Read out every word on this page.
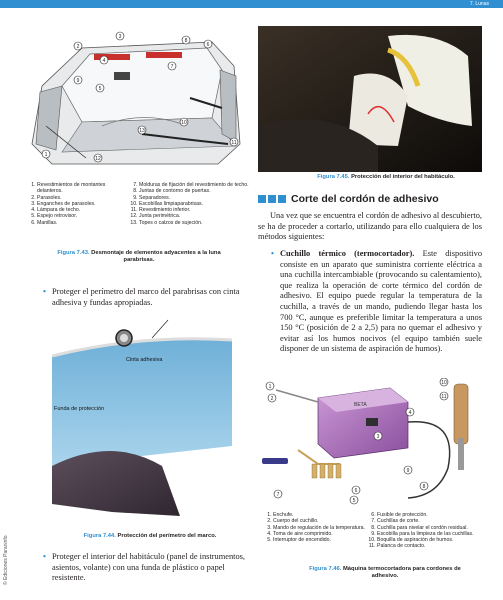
7. Lunas
© Ediciones Paraninfo
1
2
3
4
5
6
7
8
9
10
11
12
13
1. Revestimientos de montantes delanteros.
2. Parasoles.
3. Enganches de parasoles.
4. Lámpara de techo.
5. Espejo retrovisor.
6. Manillas.
7. Molduras de fijación del revestimiento de techo.
8. Juntas de contorno de puertas.
9. Separadores.
10. Escobillas limpiaparabrisas.
11. Revestimiento inferior.
12. Junta perimétrica.
13. Topes o calzos de sujeción.
Figura 7.43. Desmontaje de elementos adyacentes a la luna parabrisas.
• Proteger el perímetro del marco del parabrisas con cinta adhesiva y fundas apropiadas.
Cinta adhesiva
Funda de protección
Figura 7.44. Protección del perímetro del marco.
• Proteger el interior del habitáculo (panel de instrumentos, asientos, volante) con una funda de plástico o papel resistente.
Figura 7.45. Protección del interior del habitáculo.
Corte del cordón de adhesivo
Una vez que se encuentra el cordón de adhesivo al descubierto, se ha de proceder a cortarlo, utilizando para ello cualquiera de los métodos siguientes:
• Cuchillo térmico (termocortador). Este dispositivo consiste en un aparato que suministra corriente eléctrica a una cuchilla intercambiable (provocando su calentamiento), que realiza la operación de corte térmico del cordón de adhesivo. El equipo puede regular la temperatura de la cuchilla, a través de un mando, pudiendo llegar hasta los 700 °C, aunque es preferible limitar la temperatura a unos 150 °C (posición de 2 a 2,5) para no quemar el adhesivo y evitar así los humos nocivos (el equipo también suele disponer de un sistema de aspiración de humos).
BETA
1
2
3
4
5
6
7
8
9
10
11
1. Enchufe.
2. Cuerpo del cuchillo.
3. Mando de regulación de la temperatura.
4. Toma de aire comprimido.
5. Interruptor de encendido.
6. Fusible de protección.
7. Cuchillas de corte.
8. Cuchilla para nivelar el cordón residual.
9. Escobilla para la limpieza de las cuchillas.
10. Boquilla de aspiración de humos.
11. Palanca de contacto.
Figura 7.46. Máquina termocortadora para cordones de adhesivo.
